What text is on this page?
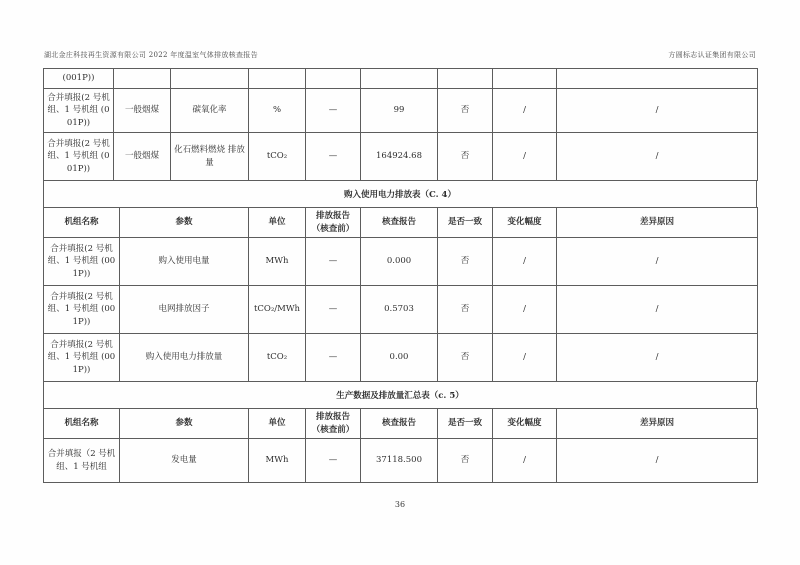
湖北金庄科技再生资源有限公司 2022 年度温室气体排放核查报告	方圆标志认证集团有限公司
(001P))								
合并填报(2 号机组、1 号机组 (001P))	一般烟煤	碳氧化率	%	—	99	否	/	/
合并填报(2 号机组、1 号机组 (001P))	一般烟煤	化石燃料燃烧 排放量	tCO₂	—	164924.68	否	/	/
购入使用电力排放表（C. 4）
机组名称	参数	单位	排放报告（核查前）	核查报告	是否一致	变化幅度	差异原因
合并填报(2 号机组、1 号机组 (001P))	购入使用电量	MWh	—	0.000	否	/	/
合并填报(2 号机组、1 号机组 (001P))	电网排放因子	tCO₂/MWh	—	0.5703	否	/	/
合并填报(2 号机组、1 号机组 (001P))	购入使用电力排放量	tCO₂	—	0.00	否	/	/
生产数据及排放量汇总表（c. 5）
机组名称	参数	单位	排放报告（核查前）	核查报告	是否一致	变化幅度	差异原因
合并填报（2 号机组、1 号机组	发电量	MWh	—	37118.500	否	/	/
36
